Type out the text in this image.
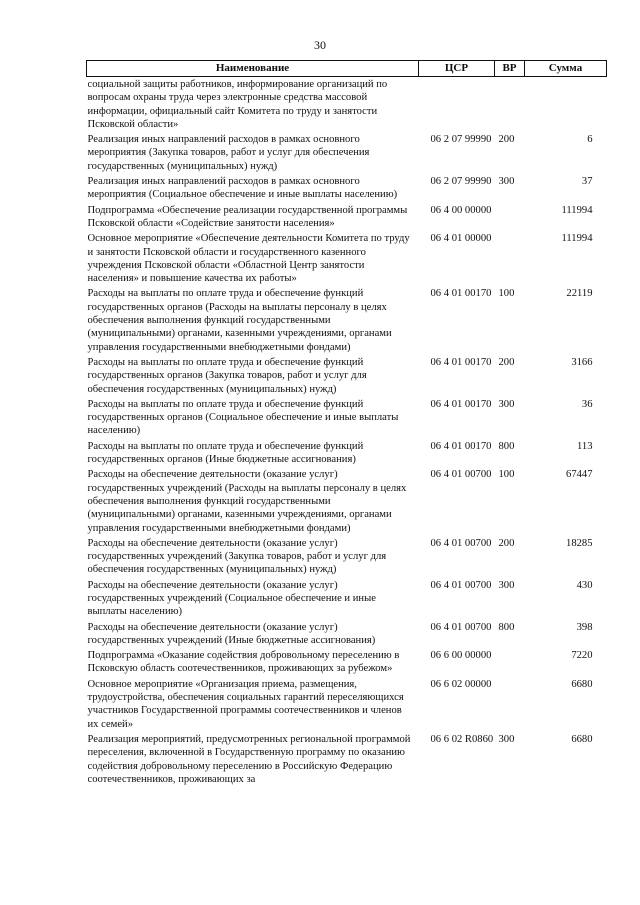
30
Наименование	ЦСР	ВР	Сумма
социальной защиты работников, информирование организаций по вопросам охраны труда через электронные средства массовой информации, официальный сайт Комитета по труду и занятости Псковской области»			
Реализация иных направлений расходов в рамках основного мероприятия (Закупка товаров, работ и услуг для обеспечения государственных (муниципальных) нужд)	06 2 07 99990	200	6
Реализация иных направлений расходов в рамках основного мероприятия (Социальное обеспечение и иные выплаты населению)	06 2 07 99990	300	37
Подпрограмма «Обеспечение реализации государственной программы Псковской области «Содействие занятости населения»	06 4 00 00000		111994
Основное мероприятие «Обеспечение деятельности Комитета по труду и занятости Псковской области и государственного казенного учреждения Псковской области «Областной Центр занятости населения» и повышение качества их работы»	06 4 01 00000		111994
Расходы на выплаты по оплате труда и обеспечение функций государственных органов (Расходы на выплаты персоналу в целях обеспечения выполнения функций государственными (муниципальными) органами, казенными учреждениями, органами управления государственными внебюджетными фондами)	06 4 01 00170	100	22119
Расходы на выплаты по оплате труда и обеспечение функций государственных органов (Закупка товаров, работ и услуг для обеспечения государственных (муниципальных) нужд)	06 4 01 00170	200	3166
Расходы на выплаты по оплате труда и обеспечение функций государственных органов (Социальное обеспечение и иные выплаты населению)	06 4 01 00170	300	36
Расходы на выплаты по оплате труда и обеспечение функций государственных органов (Иные бюджетные ассигнования)	06 4 01 00170	800	113
Расходы на обеспечение деятельности (оказание услуг) государственных учреждений (Расходы на выплаты персоналу в целях обеспечения выполнения функций государственными (муниципальными) органами, казенными учреждениями, органами управления государственными внебюджетными фондами)	06 4 01 00700	100	67447
Расходы на обеспечение деятельности (оказание услуг) государственных учреждений (Закупка товаров, работ и услуг для обеспечения государственных (муниципальных) нужд)	06 4 01 00700	200	18285
Расходы на обеспечение деятельности (оказание услуг) государственных учреждений (Социальное обеспечение и иные выплаты населению)	06 4 01 00700	300	430
Расходы на обеспечение деятельности (оказание услуг) государственных учреждений (Иные бюджетные ассигнования)	06 4 01 00700	800	398
Подпрограмма «Оказание содействия добровольному переселению в Псковскую область соотечественников, проживающих за рубежом»	06 6 00 00000		7220
Основное мероприятие «Организация приема, размещения, трудоустройства, обеспечения социальных гарантий переселяющихся участников Государственной программы соотечественников и членов их семей»	06 6 02 00000		6680
Реализация мероприятий, предусмотренных региональной программой переселения, включенной в Государственную программу по оказанию содействия добровольному переселению в Российскую Федерацию соотечественников, проживающих за	06 6 02 R0860	300	6680
